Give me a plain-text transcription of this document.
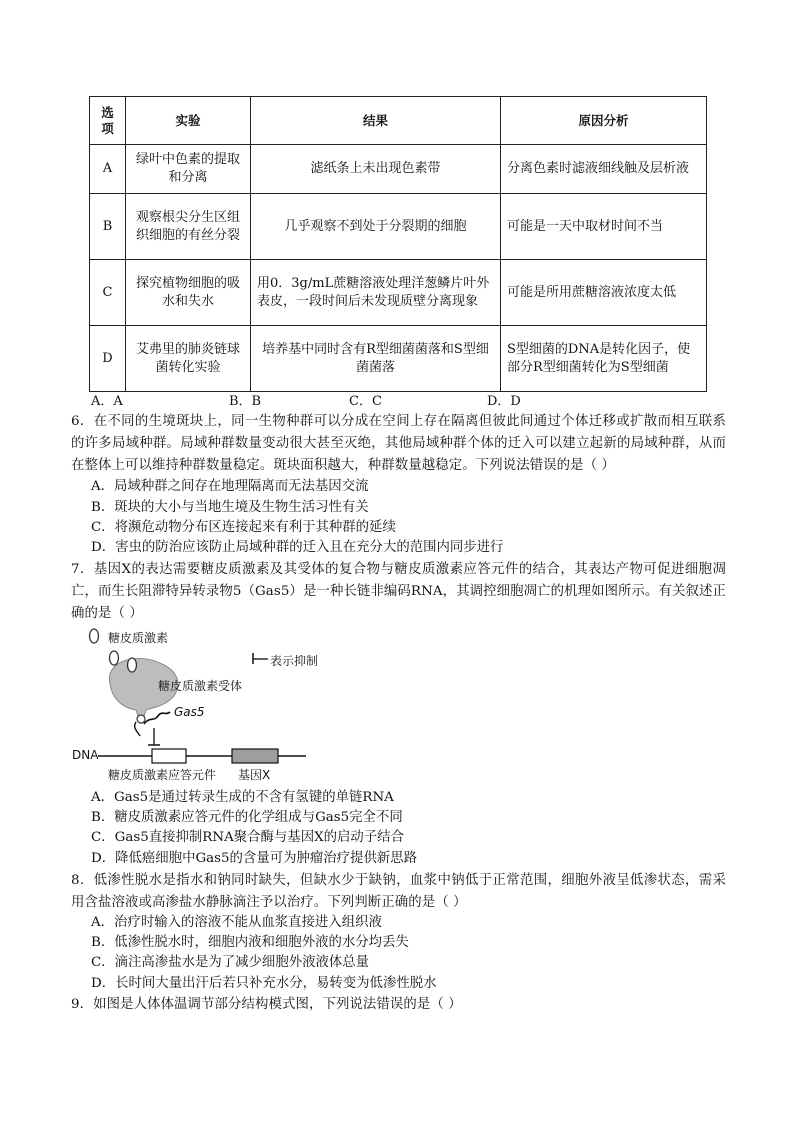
选
项	实验	结果	原因分析
A	绿叶中色素的提取和分离	滤纸条上未出现色素带	分离色素时滤液细线触及层析液
B	观察根尖分生区组织细胞的有丝分裂	几乎观察不到处于分裂期的细胞	可能是一天中取材时间不当
C	探究植物细胞的吸水和失水	用0．3g/mL蔗糖溶液处理洋葱鳞片叶外表皮，一段时间后未发现质壁分离现象	可能是所用蔗糖溶液浓度太低
D	艾弗里的肺炎链球菌转化实验	培养基中同时含有R型细菌菌落和S型细菌菌落	S型细菌的DNA是转化因子，使部分R型细菌转化为S型细菌
A．A	B．B	C．C	D．D
6．在不同的生境斑块上，同一生物种群可以分成在空间上存在隔离但彼此间通过个体迁移或扩散而相互联系的许多局域种群。局域种群数量变动很大甚至灭绝，其他局域种群个体的迁入可以建立起新的局域种群，从而在整体上可以维持种群数量稳定。斑块面积越大，种群数量越稳定。下列说法错误的是（ ）
A．局域种群之间存在地理隔离而无法基因交流
B．斑块的大小与当地生境及生物生活习性有关
C．将濒危动物分布区连接起来有利于其种群的延续
D．害虫的防治应该防止局域种群的迁入且在充分大的范围内同步进行
7．基因X的表达需要糖皮质激素及其受体的复合物与糖皮质激素应答元件的结合，其表达产物可促进细胞凋亡，而生长阻滞特异转录物5（Gas5）是一种长链非编码RNA，其调控细胞凋亡的机理如图所示。有关叙述正确的是（ ）
糖皮质激素
表示抑制
糖皮质激素受体
Gas5
DNA
糖皮质激素应答元件 基因X
A．Gas5是通过转录生成的不含有氢键的单链RNA
B．糖皮质激素应答元件的化学组成与Gas5完全不同
C．Gas5直接抑制RNA聚合酶与基因X的启动子结合
D．降低癌细胞中Gas5的含量可为肿瘤治疗提供新思路
8．低渗性脱水是指水和钠同时缺失，但缺水少于缺钠，血浆中钠低于正常范围，细胞外液呈低渗状态，需采用含盐溶液或高渗盐水静脉滴注予以治疗。下列判断正确的是（ ）
A．治疗时输入的溶液不能从血浆直接进入组织液
B．低渗性脱水时，细胞内液和细胞外液的水分均丢失
C．滴注高渗盐水是为了减少细胞外液液体总量
D．长时间大量出汗后若只补充水分，易转变为低渗性脱水
9．如图是人体体温调节部分结构模式图，下列说法错误的是（ ）
